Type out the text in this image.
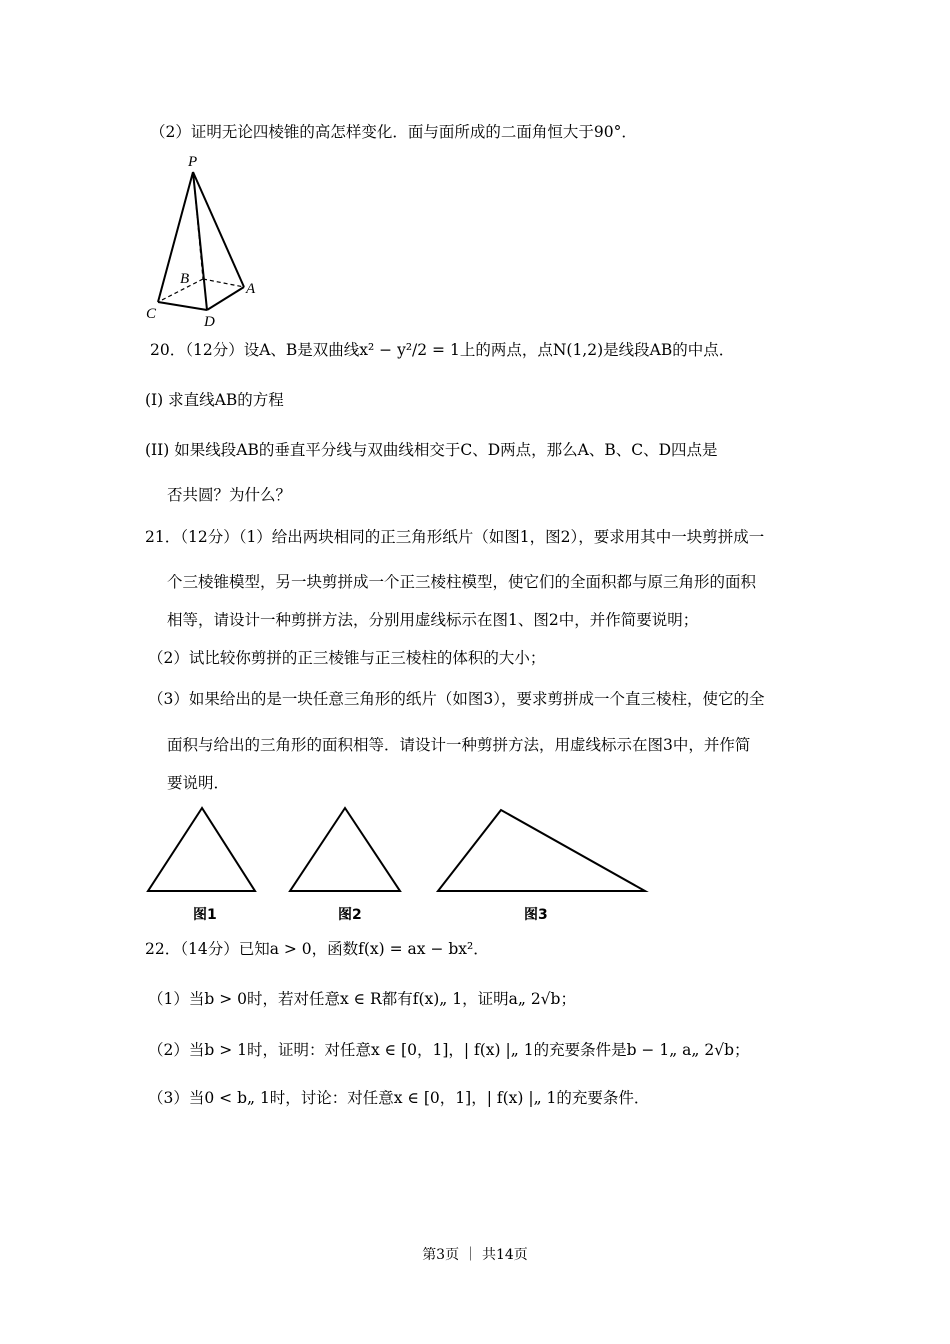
（2）证明无论四棱锥的高怎样变化．面与面所成的二面角恒大于90°．
P
B
A
C	D
20．（12分）设A、B是双曲线x² − y²/2 = 1上的两点，点N(1,2)是线段AB的中点．
(I) 求直线AB的方程
(II) 如果线段AB的垂直平分线与双曲线相交于C、D两点，那么A、B、C、D四点是
否共圆？为什么？
21．（12分）（1）给出两块相同的正三角形纸片（如图1，图2），要求用其中一块剪拼成一
个三棱锥模型，另一块剪拼成一个正三棱柱模型，使它们的全面积都与原三角形的面积
相等，请设计一种剪拼方法，分别用虚线标示在图1、图2中，并作简要说明；
（2）试比较你剪拼的正三棱锥与正三棱柱的体积的大小；
（3）如果给出的是一块任意三角形的纸片（如图3），要求剪拼成一个直三棱柱，使它的全
面积与给出的三角形的面积相等．请设计一种剪拼方法，用虚线标示在图3中，并作简
要说明．
图1	图2	图3
22．（14分）已知a > 0，函数f(x) = ax − bx²．
（1）当b > 0时，若对任意x ∈ R都有f(x)„ 1，证明a„ 2√b；
（2）当b > 1时，证明：对任意x ∈ [0，1]，| f(x) |„ 1的充要条件是b − 1„ a„ 2√b；
（3）当0 < b„ 1时，讨论：对任意x ∈ [0，1]，| f(x) |„ 1的充要条件．
第3页 ｜ 共14页
